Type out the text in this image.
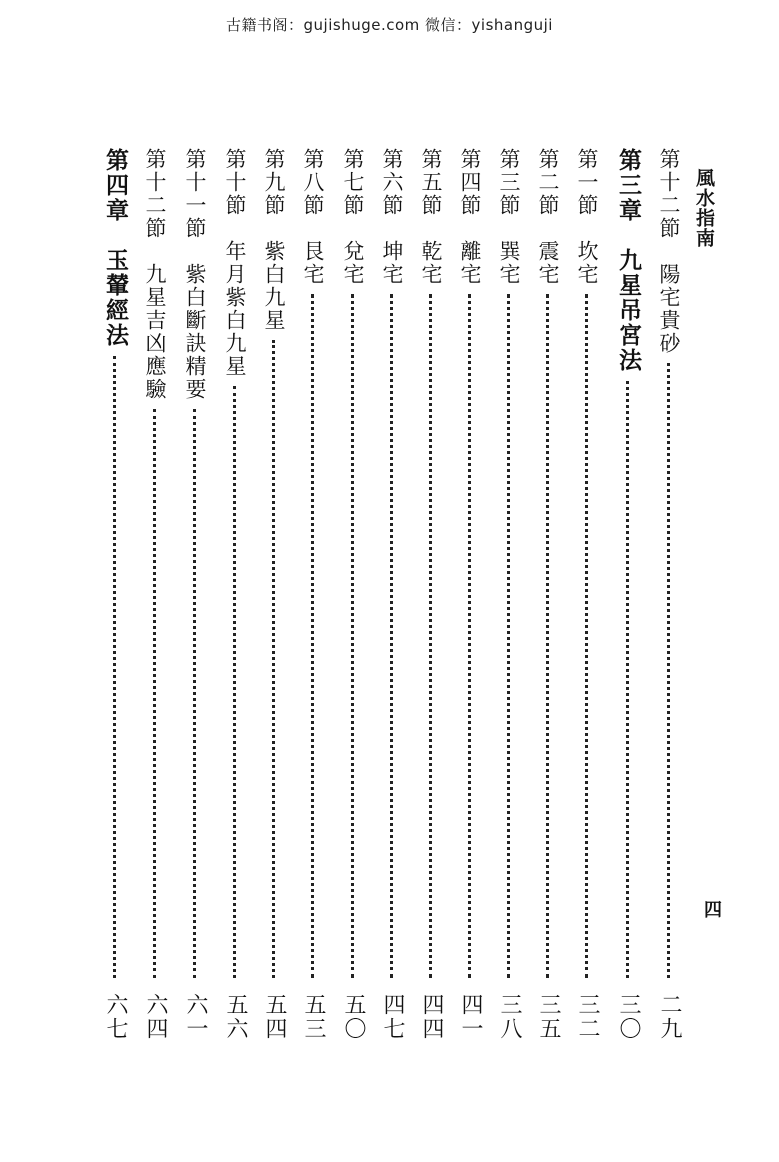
古籍书阁：gujishuge.com 微信：yishanguji
風水指南
四
第十二節　陽宅貴砂
二九
第三章　九星吊宮法
三〇
第一節　坎宅
三二
第二節　震宅
三五
第三節　巽宅
三八
第四節　離宅
四一
第五節　乾宅
四四
第六節　坤宅
四七
第七節　兌宅
五〇
第八節　艮宅
五三
第九節　紫白九星
五四
第十節　年月紫白九星
五六
第十一節　紫白斷訣精要
六一
第十二節　九星吉凶應驗
六四
第四章　玉輦經法
六七
